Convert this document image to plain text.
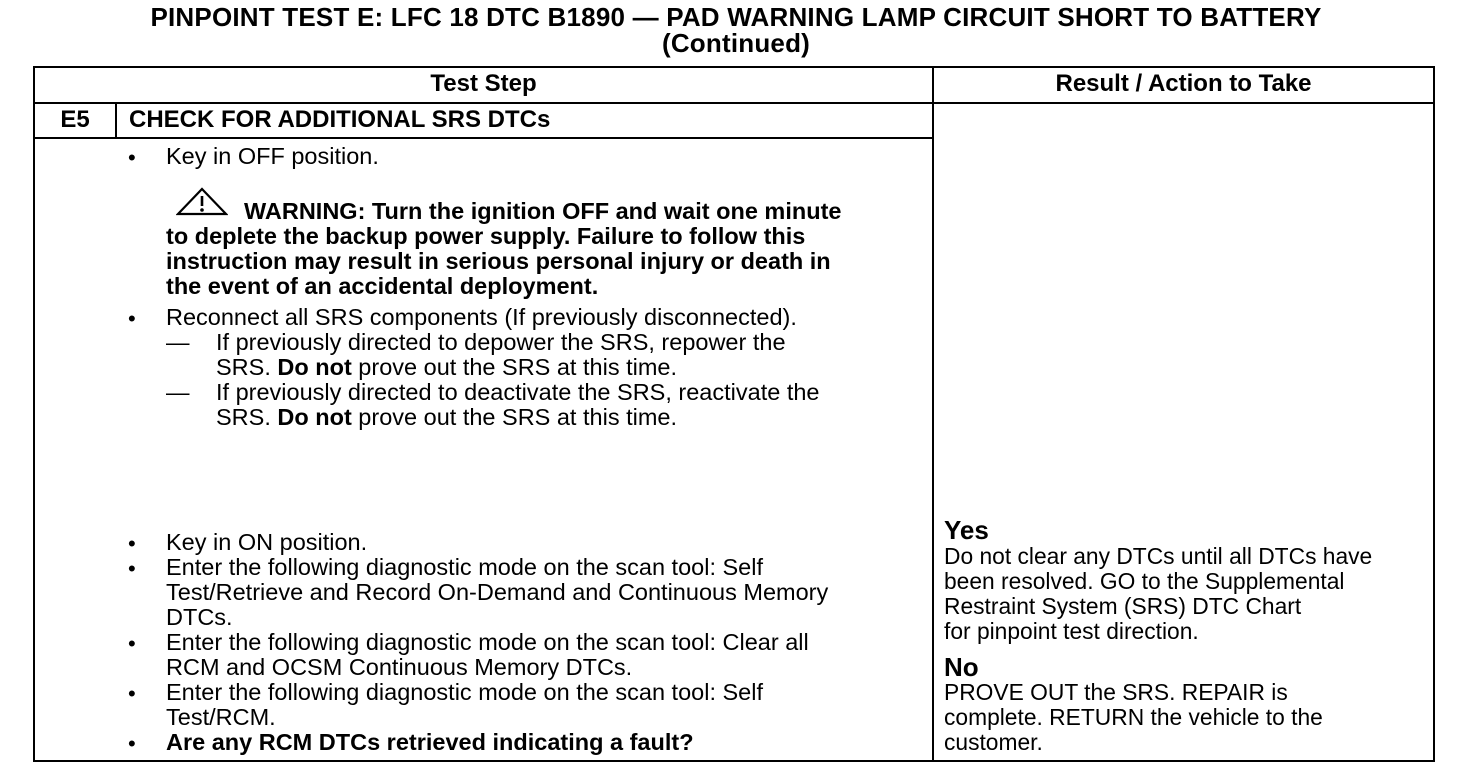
PINPOINT TEST E: LFC 18 DTC B1890 — PAD WARNING LAMP CIRCUIT SHORT TO BATTERY
(Continued)
Test Step	Result / Action to Take
E5	CHECK FOR ADDITIONAL SRS DTCs
• Key in OFF position.
WARNING: Turn the ignition OFF and wait one minute
to deplete the backup power supply. Failure to follow this
instruction may result in serious personal injury or death in
the event of an accidental deployment.
• Reconnect all SRS components (If previously disconnected).
— If previously directed to depower the SRS, repower the
SRS. Do not prove out the SRS at this time.
— If previously directed to deactivate the SRS, reactivate the
SRS. Do not prove out the SRS at this time.
• Key in ON position.
• Enter the following diagnostic mode on the scan tool: Self
Test/Retrieve and Record On-Demand and Continuous Memory
DTCs.
• Enter the following diagnostic mode on the scan tool: Clear all
RCM and OCSM Continuous Memory DTCs.
• Enter the following diagnostic mode on the scan tool: Self
Test/RCM.
• Are any RCM DTCs retrieved indicating a fault?
Yes
Do not clear any DTCs until all DTCs have
been resolved. GO to the Supplemental
Restraint System (SRS) DTC Chart
for pinpoint test direction.
No
PROVE OUT the SRS. REPAIR is
complete. RETURN the vehicle to the
customer.
